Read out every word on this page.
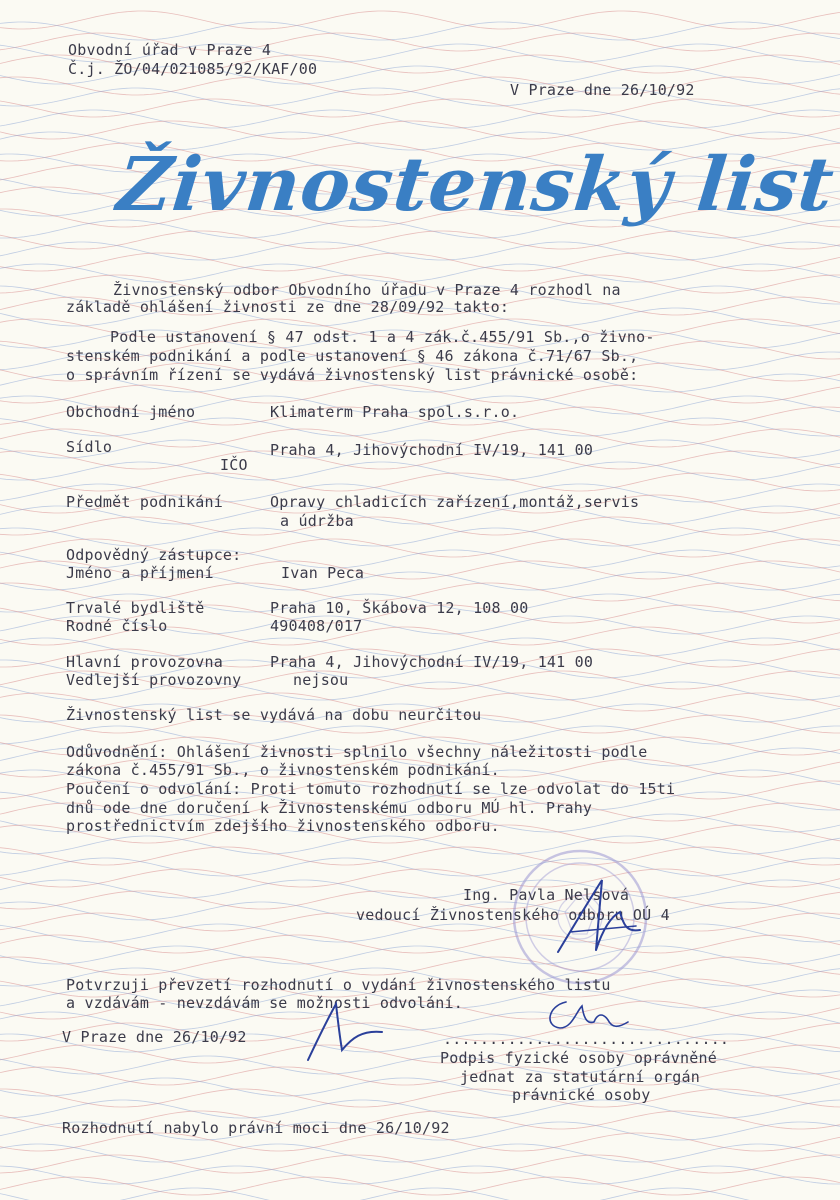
Obvodní úřad v Praze 4
Č.j. ŽO/04/021085/92/KAF/00
V Praze dne 26/10/92
Živnostenský list
Živnostenský odbor Obvodního úřadu v Praze 4 rozhodl na
základě ohlášení živnosti ze dne 28/09/92 takto:
Podle ustanovení § 47 odst. 1 a 4 zák.č.455/91 Sb.,o živno-
stenském podnikání a podle ustanovení § 46 zákona č.71/67 Sb.,
o správním řízení se vydává živnostenský list právnické osobě:
Obchodní jméno	Klimaterm Praha spol.s.r.o.
Sídlo	Praha 4, Jihovýchodní IV/19, 141 00
IČO
Předmět podnikání	Opravy chladicích zařízení,montáž,servis
a údržba
Odpovědný zástupce:
Jméno a příjmení	Ivan Peca
Trvalé bydliště	Praha 10, Škábova 12, 108 00
Rodné číslo	490408/017
Hlavní provozovna	Praha 4, Jihovýchodní IV/19, 141 00
Vedlejší provozovny	nejsou
Živnostenský list se vydává na dobu neurčitou
Odůvodnění: Ohlášení živnosti splnilo všechny náležitosti podle
zákona č.455/91 Sb., o živnostenském podnikání.
Poučení o odvolání: Proti tomuto rozhodnutí se lze odvolat do 15ti
dnů ode dne doručení k Živnostenskému odboru MÚ hl. Prahy
prostřednictvím zdejšího živnostenského odboru.
Ing. Pavla Nelsová
vedoucí Živnostenského odboru OÚ 4
Potvrzuji převzetí rozhodnutí o vydání živnostenského listu
a vzdávám - nevzdávám se možnosti odvolání.
V Praze dne 26/10/92	...............................
Podpis fyzické osoby oprávněné
jednat za statutární orgán
právnické osoby
Rozhodnutí nabylo právní moci dne 26/10/92
